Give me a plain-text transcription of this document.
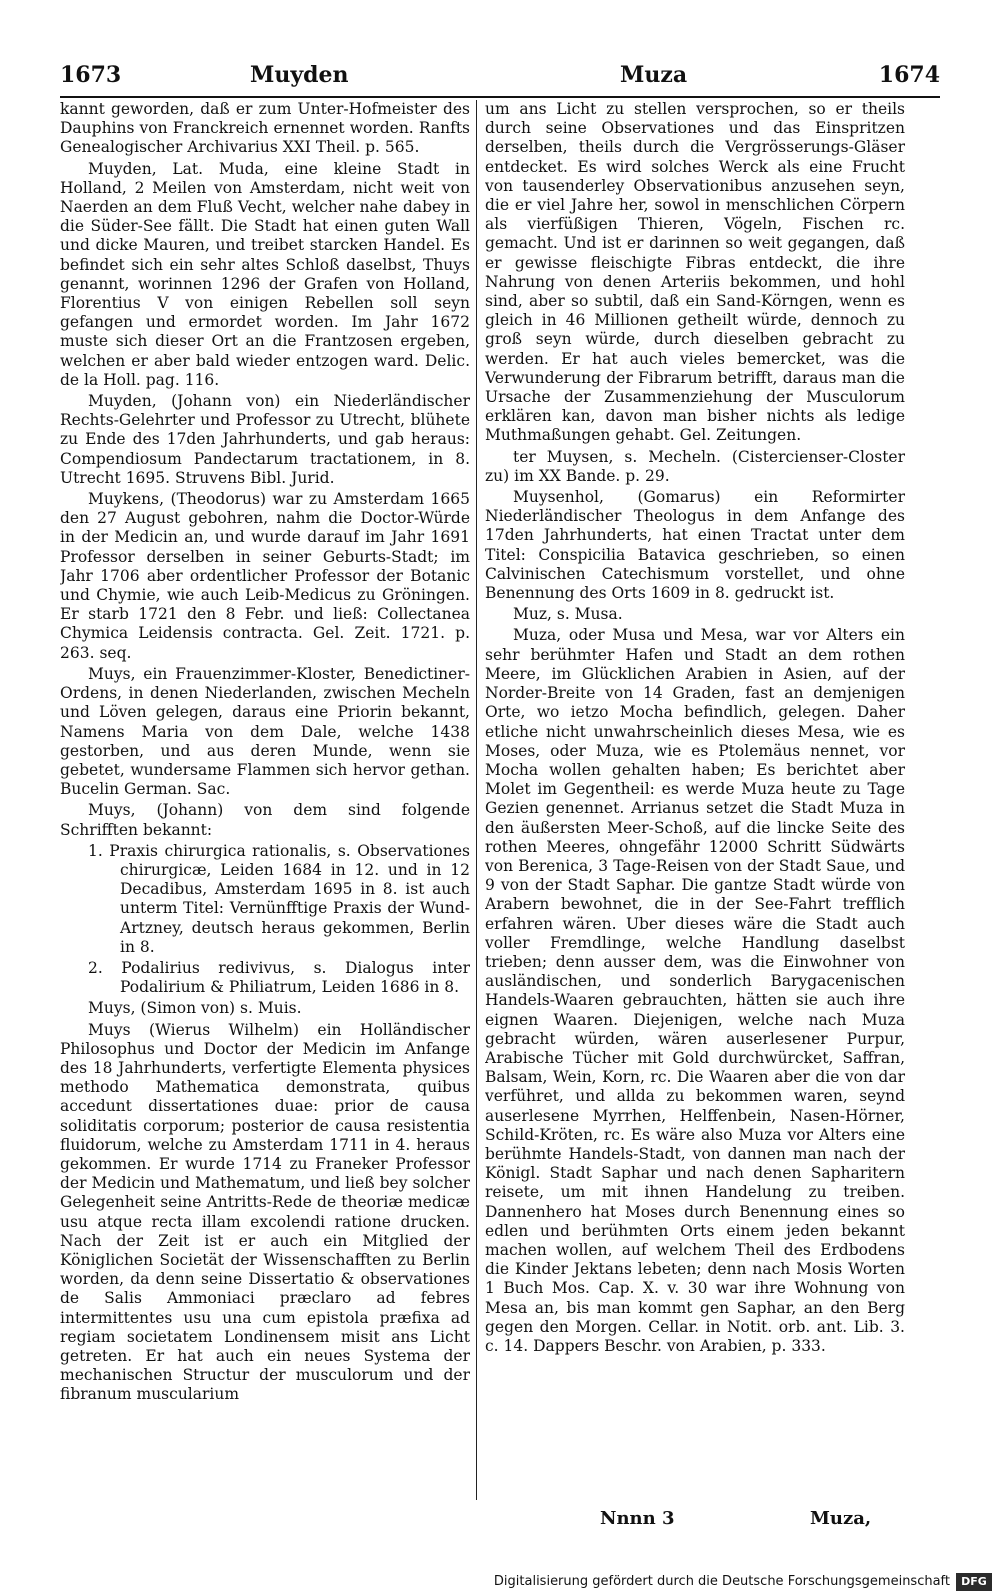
1673	Muyden	Muza	1674

kannt geworden, daß er zum Unter-Hofmeister des Dauphins von Franckreich ernennet worden. Ranfts Genealogischer Archivarius XXI Theil. p. 565.

Muyden, Lat. Muda, eine kleine Stadt in Holland, 2 Meilen von Amsterdam, nicht weit von Naerden an dem Fluß Vecht, welcher nahe dabey in die Süder-See fällt. Die Stadt hat einen guten Wall und dicke Mauren, und treibet starcken Handel. Es befindet sich ein sehr altes Schloß daselbst, Thuys genannt, worinnen 1296 der Grafen von Holland, Florentius V von einigen Rebellen soll seyn gefangen und ermordet worden. Im Jahr 1672 muste sich dieser Ort an die Frantzosen ergeben, welchen er aber bald wieder entzogen ward. Delic. de la Holl. pag. 116.

Muyden, (Johann von) ein Niederländischer Rechts-Gelehrter und Professor zu Utrecht, blühete zu Ende des 17den Jahrhunderts, und gab heraus: Compendiosum Pandectarum tractationem, in 8. Utrecht 1695. Struvens Bibl. Jurid.

Muykens, (Theodorus) war zu Amsterdam 1665 den 27 August gebohren, nahm die Doctor-Würde in der Medicin an, und wurde darauf im Jahr 1691 Professor derselben in seiner Geburts-Stadt; im Jahr 1706 aber ordentlicher Professor der Botanic und Chymie, wie auch Leib-Medicus zu Gröningen. Er starb 1721 den 8 Febr. und ließ: Collectanea Chymica Leidensis contracta. Gel. Zeit. 1721. p. 263. seq.

Muys, ein Frauenzimmer-Kloster, Benedictiner-Ordens, in denen Niederlanden, zwischen Mecheln und Löven gelegen, daraus eine Priorin bekannt, Namens Maria von dem Dale, welche 1438 gestorben, und aus deren Munde, wenn sie gebetet, wundersame Flammen sich hervor gethan. Bucelin German. Sac.

Muys, (Johann) von dem sind folgende Schrifften bekannt:

1. Praxis chirurgica rationalis, s. Observationes chirurgicæ, Leiden 1684 in 12. und in 12 Decadibus, Amsterdam 1695 in 8. ist auch unterm Titel: Vernünfftige Praxis der Wund-Artzney, deutsch heraus gekommen, Berlin in 8.

2. Podalirius redivivus, s. Dialogus inter Podalirium & Philiatrum, Leiden 1686 in 8.

Muys, (Simon von) s. Muis.

Muys (Wierus Wilhelm) ein Holländischer Philosophus und Doctor der Medicin im Anfange des 18 Jahrhunderts, verfertigte Elementa physices methodo Mathematica demonstrata, quibus accedunt dissertationes duae: prior de causa soliditatis corporum; posterior de causa resistentia fluidorum, welche zu Amsterdam 1711 in 4. heraus gekommen. Er wurde 1714 zu Franeker Professor der Medicin und Mathematum, und ließ bey solcher Gelegenheit seine Antritts-Rede de theoriæ medicæ usu atque recta illam excolendi ratione drucken. Nach der Zeit ist er auch ein Mitglied der Königlichen Societät der Wissenschafften zu Berlin worden, da denn seine Dissertatio & observationes de Salis Ammoniaci præclaro ad febres intermittentes usu una cum epistola præfixa ad regiam societatem Londinensem misit ans Licht getreten. Er hat auch ein neues Systema der mechanischen Structur der musculorum und der fibranum muscularium

um ans Licht zu stellen versprochen, so er theils durch seine Observationes und das Einspritzen derselben, theils durch die Vergrösserungs-Gläser entdecket. Es wird solches Werck als eine Frucht von tausenderley Observationibus anzusehen seyn, die er viel Jahre her, sowol in menschlichen Cörpern als vierfüßigen Thieren, Vögeln, Fischen rc. gemacht. Und ist er darinnen so weit gegangen, daß er gewisse fleischigte Fibras entdeckt, die ihre Nahrung von denen Arteriis bekommen, und hohl sind, aber so subtil, daß ein Sand-Körngen, wenn es gleich in 46 Millionen getheilt würde, dennoch zu groß seyn würde, durch dieselben gebracht zu werden. Er hat auch vieles bemercket, was die Verwunderung der Fibrarum betrifft, daraus man die Ursache der Zusammenziehung der Musculorum erklären kan, davon man bisher nichts als ledige Muthmaßungen gehabt. Gel. Zeitungen.

ter Muysen, s. Mecheln. (Cistercienser-Closter zu) im XX Bande. p. 29.

Muysenhol, (Gomarus) ein Reformirter Niederländischer Theologus in dem Anfange des 17den Jahrhunderts, hat einen Tractat unter dem Titel: Conspicilia Batavica geschrieben, so einen Calvinischen Catechismum vorstellet, und ohne Benennung des Orts 1609 in 8. gedruckt ist.

Muz, s. Musa.

Muza, oder Musa und Mesa, war vor Alters ein sehr berühmter Hafen und Stadt an dem rothen Meere, im Glücklichen Arabien in Asien, auf der Norder-Breite von 14 Graden, fast an demjenigen Orte, wo ietzo Mocha befindlich, gelegen. Daher etliche nicht unwahrscheinlich dieses Mesa, wie es Moses, oder Muza, wie es Ptolemäus nennet, vor Mocha wollen gehalten haben; Es berichtet aber Molet im Gegentheil: es werde Muza heute zu Tage Gezien genennet. Arrianus setzet die Stadt Muza in den äußersten Meer-Schoß, auf die lincke Seite des rothen Meeres, ohngefähr 12000 Schritt Südwärts von Berenica, 3 Tage-Reisen von der Stadt Saue, und 9 von der Stadt Saphar. Die gantze Stadt würde von Arabern bewohnet, die in der See-Fahrt trefflich erfahren wären. Uber dieses wäre die Stadt auch voller Fremdlinge, welche Handlung daselbst trieben; denn ausser dem, was die Einwohner von ausländischen, und sonderlich Barygacenischen Handels-Waaren gebrauchten, hätten sie auch ihre eignen Waaren. Diejenigen, welche nach Muza gebracht würden, wären auserlesener Purpur, Arabische Tücher mit Gold durchwürcket, Saffran, Balsam, Wein, Korn, rc. Die Waaren aber die von dar verführet, und allda zu bekommen waren, seynd auserlesene Myrrhen, Helffenbein, Nasen-Hörner, Schild-Kröten, rc. Es wäre also Muza vor Alters eine berühmte Handels-Stadt, von dannen man nach der Königl. Stadt Saphar und nach denen Sapharitern reisete, um mit ihnen Handelung zu treiben. Dannenhero hat Moses durch Benennung eines so edlen und berühmten Orts einem jeden bekannt machen wollen, auf welchem Theil des Erdbodens die Kinder Jektans lebeten; denn nach Mosis Worten 1 Buch Mos. Cap. X. v. 30 war ihre Wohnung von Mesa an, bis man kommt gen Saphar, an den Berg gegen den Morgen. Cellar. in Notit. orb. ant. Lib. 3. c. 14. Dappers Beschr. von Arabien, p. 333.

Nnnn 3	Muza,
Digitalisierung gefördert durch die Deutsche Forschungsgemeinschaft	DFG
